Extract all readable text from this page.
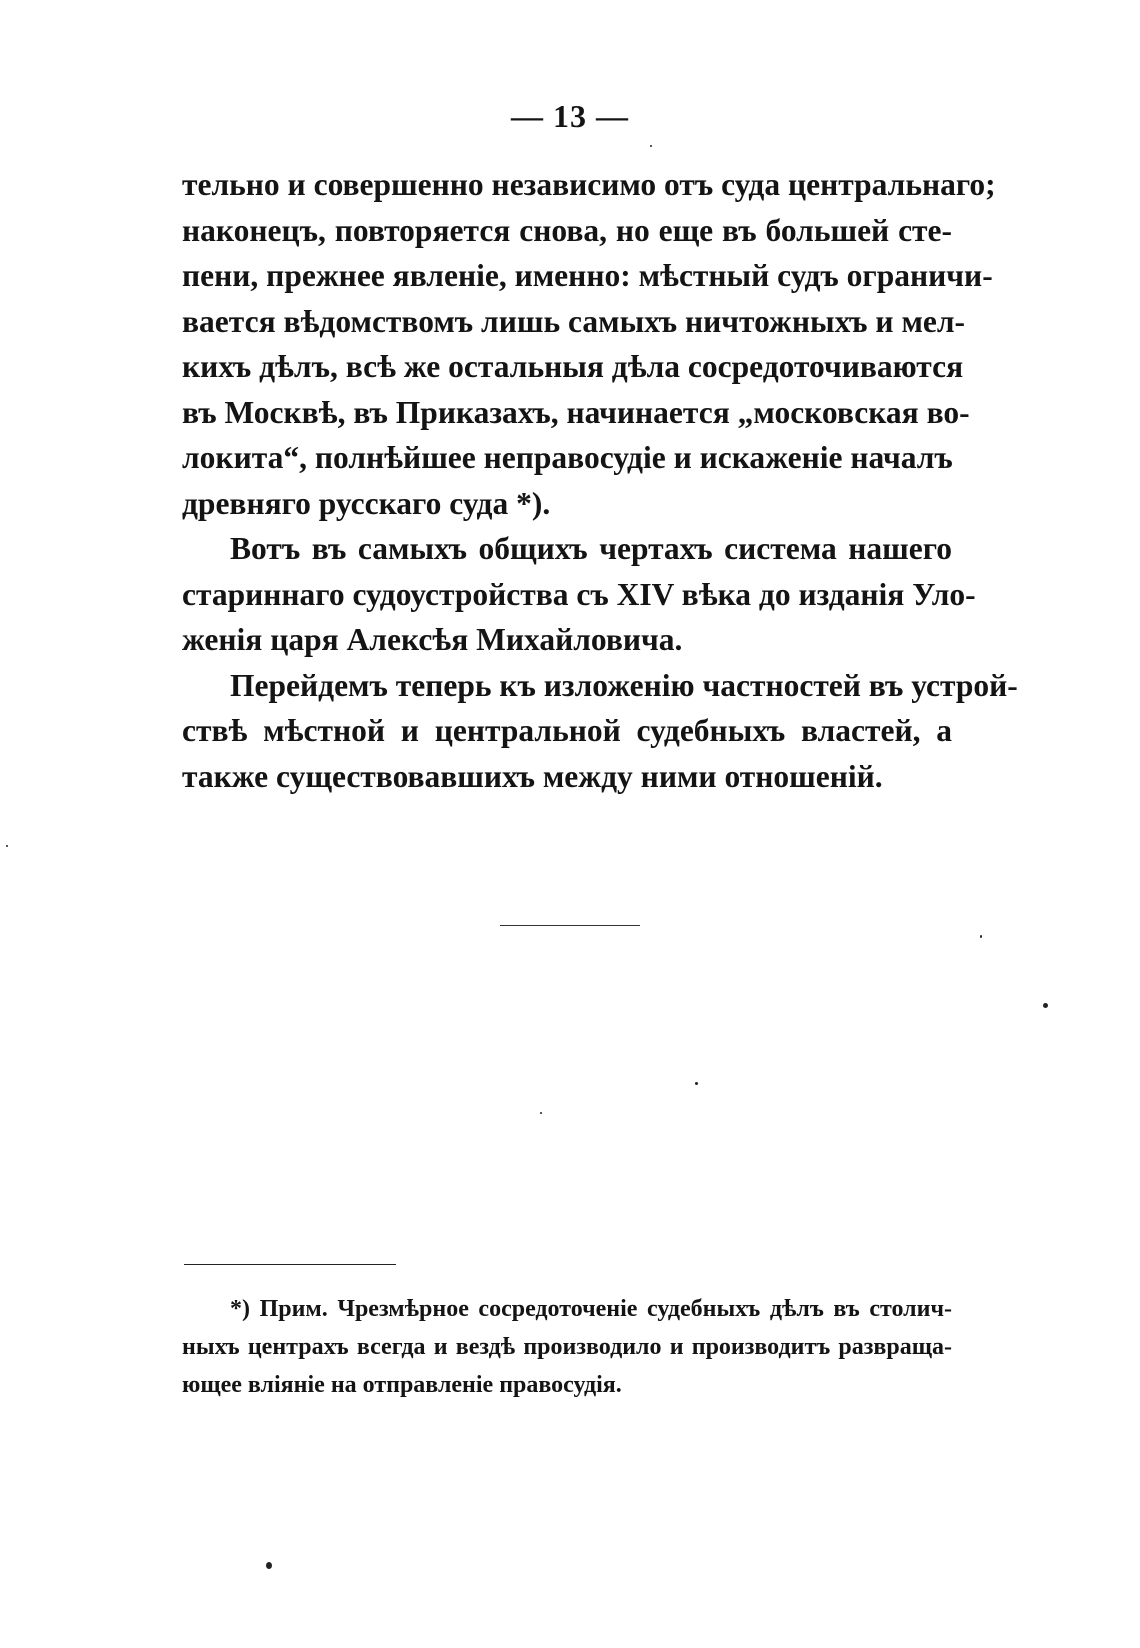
— 13 —
тельно и совершенно независимо отъ суда центральнаго;
наконецъ, повторяется снова, но еще въ большей сте-
пени, прежнее явленіе, именно: мѣстный судъ ограничи-
вается вѣдомствомъ лишь самыхъ ничтожныхъ и мел-
кихъ дѣлъ, всѣ же остальныя дѣла сосредоточиваются
въ Москвѣ, въ Приказахъ, начинается „московская во-
локита“, полнѣйшее неправосудіе и искаженіе началъ
древняго русскаго суда *).
Вотъ въ самыхъ общихъ чертахъ система нашего
стариннаго судоустройства съ XIV вѣка до изданія Уло-
женія царя Алексѣя Михайловича.
Перейдемъ теперь къ изложенію частностей въ устрой-
ствѣ мѣстной и центральной судебныхъ властей, а
также существовавшихъ между ними отношеній.
*) Прим. Чрезмѣрное сосредоточеніе судебныхъ дѣлъ въ столич-
ныхъ центрахъ всегда и вездѣ производило и производитъ развраща-
ющее вліяніе на отправленіе правосудія.
